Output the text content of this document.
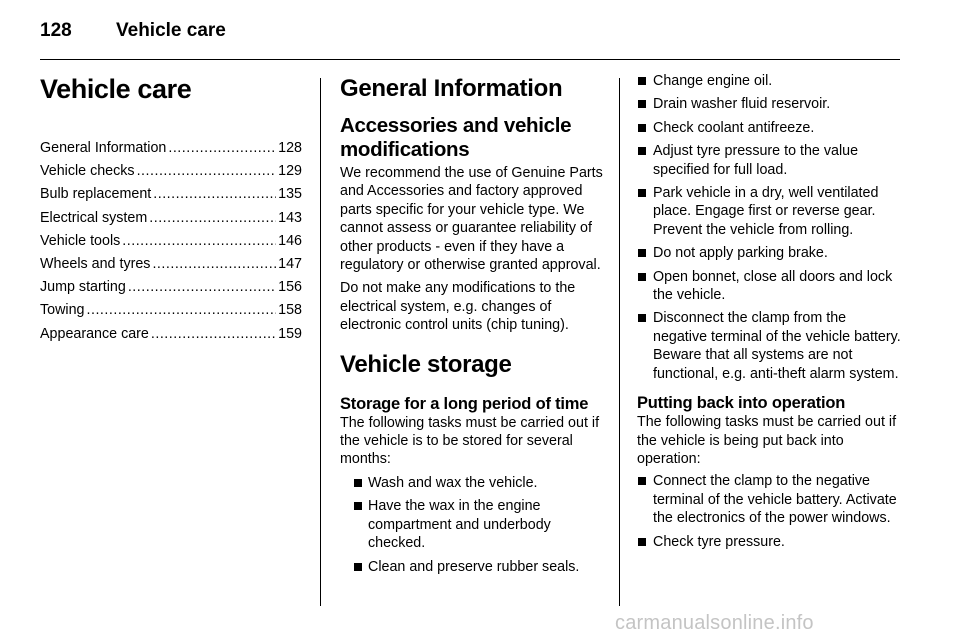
128 Vehicle care
Vehicle care
General Information .....	128
Vehicle checks .....	129
Bulb replacement .....	135
Electrical system .....	143
Vehicle tools .....	146
Wheels and tyres .....	147
Jump starting .....	156
Towing .....	158
Appearance care .....	159
General Information
Accessories and vehicle modifications

We recommend the use of Genuine Parts and Accessories and factory approved parts specific for your vehicle type. We cannot assess or guarantee reliability of other products - even if they have a regulatory or otherwise granted approval.

Do not make any modifications to the electrical system, e.g. changes of electronic control units (chip tuning).

Vehicle storage
Storage for a long period of time

The following tasks must be carried out if the vehicle is to be stored for several months:

Wash and wax the vehicle.
Have the wax in the engine compartment and underbody checked.
Clean and preserve rubber seals.
Change engine oil.
Drain washer fluid reservoir.
Check coolant antifreeze.
Adjust tyre pressure to the value specified for full load.
Park vehicle in a dry, well ventilated place. Engage first or reverse gear. Prevent the vehicle from rolling.
Do not apply parking brake.
Open bonnet, close all doors and lock the vehicle.
Disconnect the clamp from the negative terminal of the vehicle battery. Beware that all systems are not functional, e.g. anti-theft alarm system.
Putting back into operation

The following tasks must be carried out if the vehicle is being put back into operation:

Connect the clamp to the negative terminal of the vehicle battery. Activate the electronics of the power windows.
Check tyre pressure.
carmanualsonline.info
